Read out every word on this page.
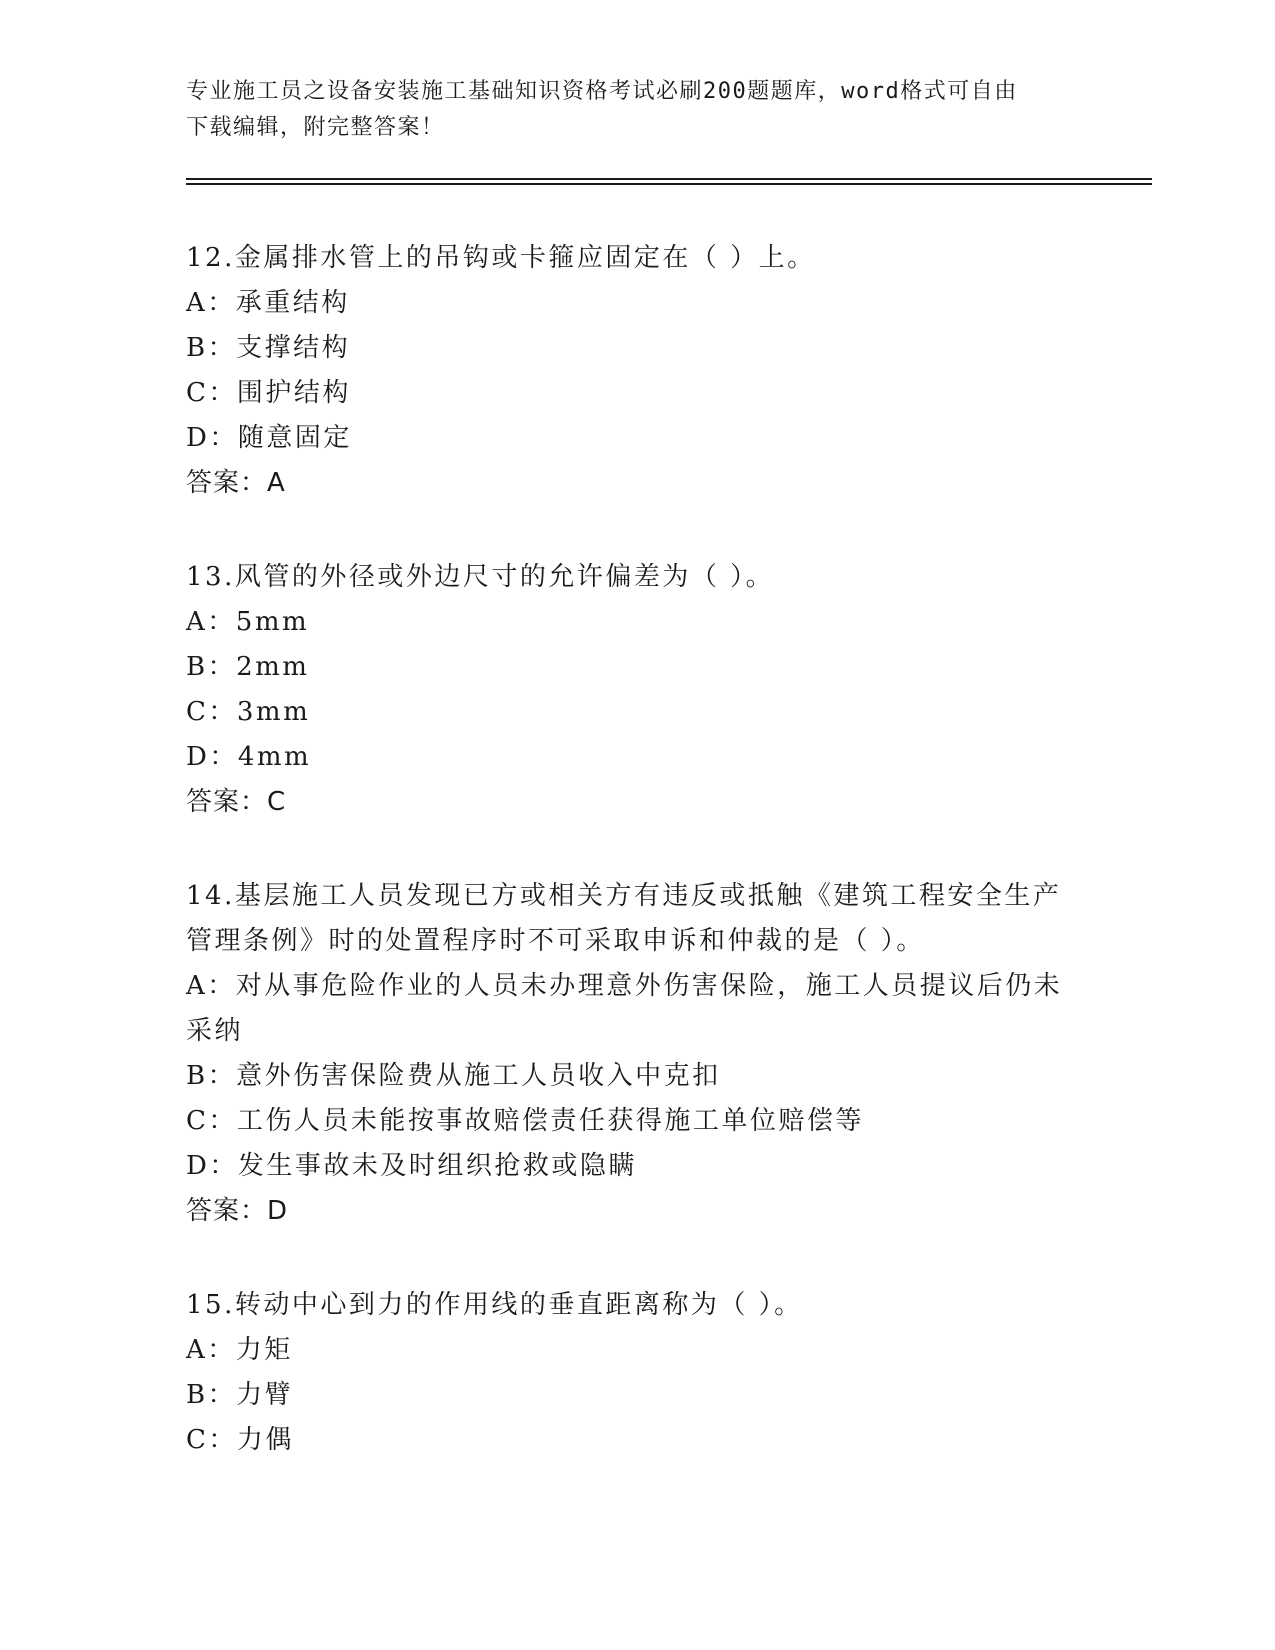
专业施工员之设备安装施工基础知识资格考试必刷200题题库，word格式可自由
下载编辑，附完整答案！

12.金属排水管上的吊钩或卡箍应固定在（ ）上。

A：承重结构

B：支撑结构

C：围护结构

D：随意固定

答案：A

13.风管的外径或外边尺寸的允许偏差为（ ）。

A：5mm

B：2mm

C：3mm

D：4mm

答案：C

14.基层施工人员发现已方或相关方有违反或抵触《建筑工程安全生产

管理条例》时的处置程序时不可采取申诉和仲裁的是（ ）。

A：对从事危险作业的人员未办理意外伤害保险，施工人员提议后仍未

采纳

B：意外伤害保险费从施工人员收入中克扣

C：工伤人员未能按事故赔偿责任获得施工单位赔偿等

D：发生事故未及时组织抢救或隐瞒

答案：D

15.转动中心到力的作用线的垂直距离称为（ ）。

A：力矩

B：力臂

C：力偶
